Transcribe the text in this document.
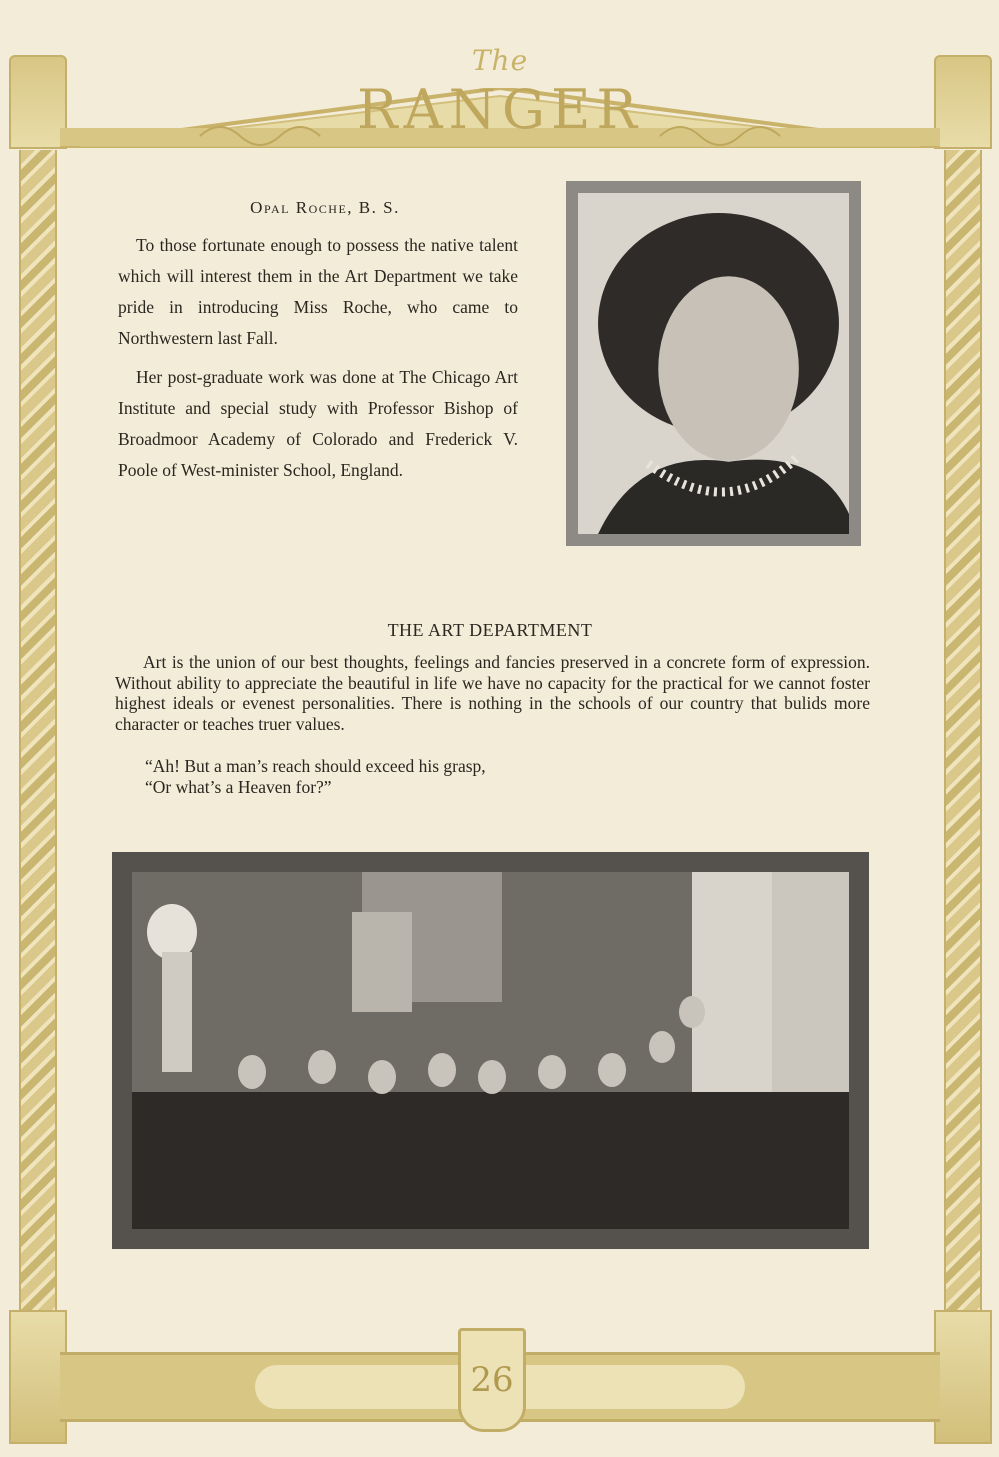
The
RANGER
26
Opal Roche, B. S.

To those fortunate enough to possess the native talent which will interest them in the Art Department we take pride in introducing Miss Roche, who came to Northwestern last Fall.

Her post-graduate work was done at The Chicago Art Institute and special study with Professor Bishop of Broadmoor Academy of Colorado and Frederick V. Poole of West-minister School, England.

THE ART DEPARTMENT

Art is the union of our best thoughts, feelings and fancies preserved in a concrete form of expression. Without ability to appreciate the beautiful in life we have no capacity for the practical for we cannot foster highest ideals or evenest personalities. There is nothing in the schools of our country that bulids more character or teaches truer values.

“Ah! But a man’s reach should exceed his grasp,
“Or what’s a Heaven for?”
